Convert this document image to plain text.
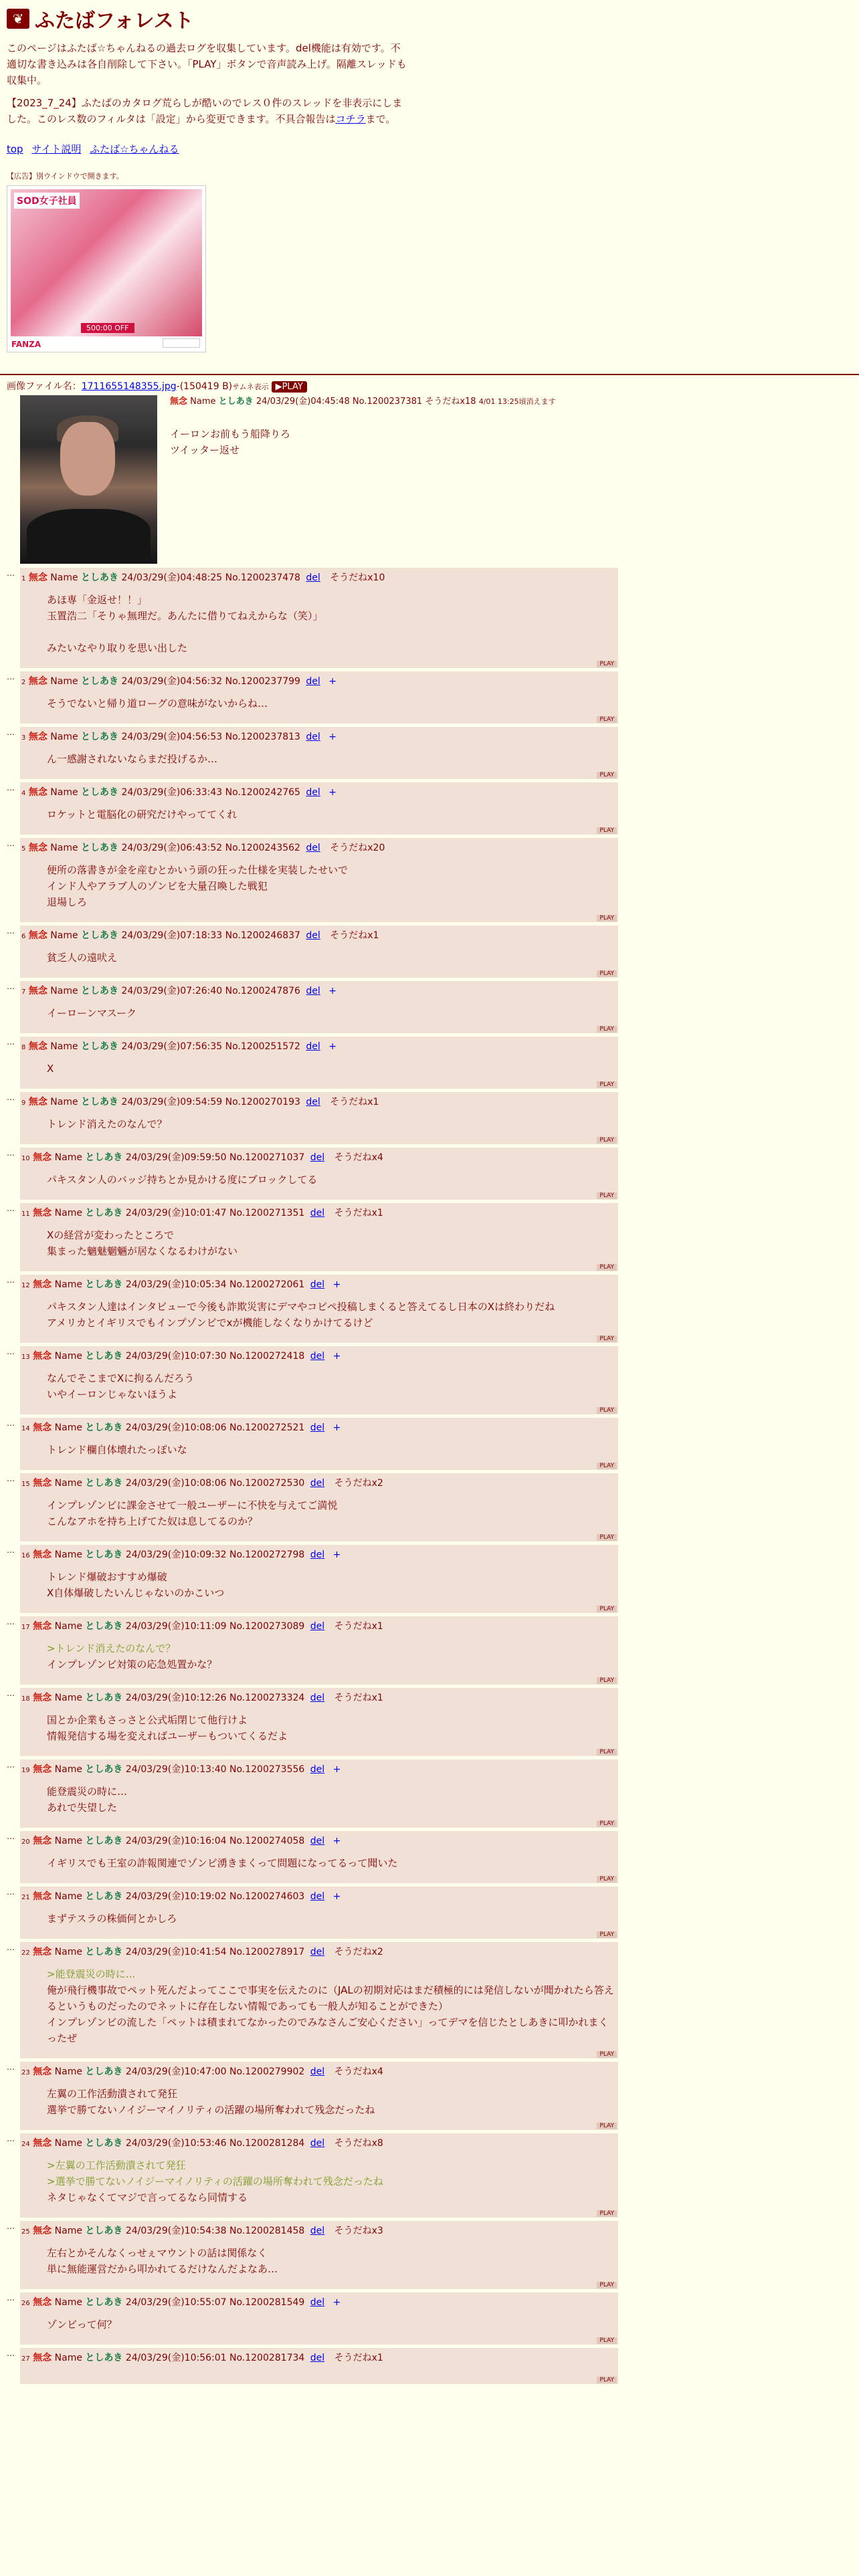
❦ ふたばフォレスト

このページはふたば☆ちゃんねるの過去ログを収集しています。del機能は有効です。不適切な書き込みは各自削除して下さい。「PLAY」ボタンで音声読み上げ。隔離スレッドも収集中。

【2023_7_24】ふたばのカタログ荒らしが酷いのでレス０件のスレッドを非表示にしました。このレス数のフィルタは「設定」から変更できます。不具合報告はコチラまで。

top サイト説明 ふたば☆ちゃんねる
【広告】別ウインドウで開きます。
SOD女子社員
500:00 OFF
FANZA
画像ファイル名：1711655148355.jpg-(150419 B)サムネ表示 ▶PLAY
無念 Name としあき 24/03/29(金)04:45:48 No.1200237381 そうだねx18 4/01 13:25頃消えます
イーロンお前もう船降りろ
ツイッター返せ
…
1 無念 Name としあき 24/03/29(金)04:48:25 No.1200237478 del そうだねx10
あほ専「金返せ！！」
玉置浩二「そりゃ無理だ。あんたに借りてねえからな（笑）」

みたいなやり取りを思い出した
PLAY
…
2 無念 Name としあき 24/03/29(金)04:56:32 No.1200237799 del +
そうでないと帰り道ローグの意味がないからね…
PLAY
…
3 無念 Name としあき 24/03/29(金)04:56:53 No.1200237813 del +
ん一感謝されないならまだ投げるか…
PLAY
…
4 無念 Name としあき 24/03/29(金)06:33:43 No.1200242765 del +
ロケットと電脳化の研究だけやっててくれ
PLAY
…
5 無念 Name としあき 24/03/29(金)06:43:52 No.1200243562 del そうだねx20
便所の落書きが金を産むとかいう頭の狂った仕様を実装したせいで
インド人やアラブ人のゾンビを大量召喚した戦犯
退場しろ
PLAY
…
6 無念 Name としあき 24/03/29(金)07:18:33 No.1200246837 del そうだねx1
貧乏人の遠吠え
PLAY
…
7 無念 Name としあき 24/03/29(金)07:26:40 No.1200247876 del +
イーローンマスーク
PLAY
…
8 無念 Name としあき 24/03/29(金)07:56:35 No.1200251572 del +
X
PLAY
…
9 無念 Name としあき 24/03/29(金)09:54:59 No.1200270193 del そうだねx1
トレンド消えたのなんで？
PLAY
…
10 無念 Name としあき 24/03/29(金)09:59:50 No.1200271037 del そうだねx4
パキスタン人のバッジ持ちとか見かける度にブロックしてる
PLAY
…
11 無念 Name としあき 24/03/29(金)10:01:47 No.1200271351 del そうだねx1
Xの経営が変わったところで
集まった魑魅魍魎が居なくなるわけがない
PLAY
…
12 無念 Name としあき 24/03/29(金)10:05:34 No.1200272061 del +
パキスタン人達はインタビューで今後も詐欺災害にデマやコピペ投稿しまくると答えてるし日本のXは終わりだね
アメリカとイギリスでもインプゾンビでxが機能しなくなりかけてるけど
PLAY
…
13 無念 Name としあき 24/03/29(金)10:07:30 No.1200272418 del +
なんでそこまでXに拘るんだろう
いやイーロンじゃないほうよ
PLAY
…
14 無念 Name としあき 24/03/29(金)10:08:06 No.1200272521 del +
トレンド欄自体壊れたっぽいな
PLAY
…
15 無念 Name としあき 24/03/29(金)10:08:06 No.1200272530 del そうだねx2
インプレゾンビに課金させて一般ユーザーに不快を与えてご満悦
こんなアホを持ち上げてた奴は息してるのか？
PLAY
…
16 無念 Name としあき 24/03/29(金)10:09:32 No.1200272798 del +
トレンド爆破おすすめ爆破
X自体爆破したいんじゃないのかこいつ
PLAY
…
17 無念 Name としあき 24/03/29(金)10:11:09 No.1200273089 del そうだねx1
>トレンド消えたのなんで？
インプレゾンビ対策の応急処置かな？
PLAY
…
18 無念 Name としあき 24/03/29(金)10:12:26 No.1200273324 del そうだねx1
国とか企業もさっさと公式垢閉じて他行けよ
情報発信する場を変えればユーザーもついてくるだよ
PLAY
…
19 無念 Name としあき 24/03/29(金)10:13:40 No.1200273556 del +
能登震災の時に…
あれで失望した
PLAY
…
20 無念 Name としあき 24/03/29(金)10:16:04 No.1200274058 del +
イギリスでも王室の詐報関連でゾンビ湧きまくって問題になってるって聞いた
PLAY
…
21 無念 Name としあき 24/03/29(金)10:19:02 No.1200274603 del +
まずテスラの株価何とかしろ
PLAY
…
22 無念 Name としあき 24/03/29(金)10:41:54 No.1200278917 del そうだねx2
>能登震災の時に…
俺が飛行機事故でペット死んだよってここで事実を伝えたのに（JALの初期対応はまだ積極的には発信しないが聞かれたら答えるというものだったのでネットに存在しない情報であっても一般人が知ることができた）
インプレゾンビの流した「ペットは積まれてなかったのでみなさんご安心ください」ってデマを信じたとしあきに叩かれまくったぜ
PLAY
…
23 無念 Name としあき 24/03/29(金)10:47:00 No.1200279902 del そうだねx4
左翼の工作活動潰されて発狂
選挙で勝てないノイジーマイノリティの活躍の場所奪われて残念だったね
PLAY
…
24 無念 Name としあき 24/03/29(金)10:53:46 No.1200281284 del そうだねx8
>左翼の工作活動潰されて発狂
>選挙で勝てないノイジーマイノリティの活躍の場所奪われて残念だったね
ネタじゃなくてマジで言ってるなら同情する
PLAY
…
25 無念 Name としあき 24/03/29(金)10:54:38 No.1200281458 del そうだねx3
左右とかそんなくっせぇマウントの話は関係なく
単に無能運営だから叩かれてるだけなんだよなあ…
PLAY
…
26 無念 Name としあき 24/03/29(金)10:55:07 No.1200281549 del +
ゾンビって何？
PLAY
…
27 無念 Name としあき 24/03/29(金)10:56:01 No.1200281734 del そうだねx1
PLAY
